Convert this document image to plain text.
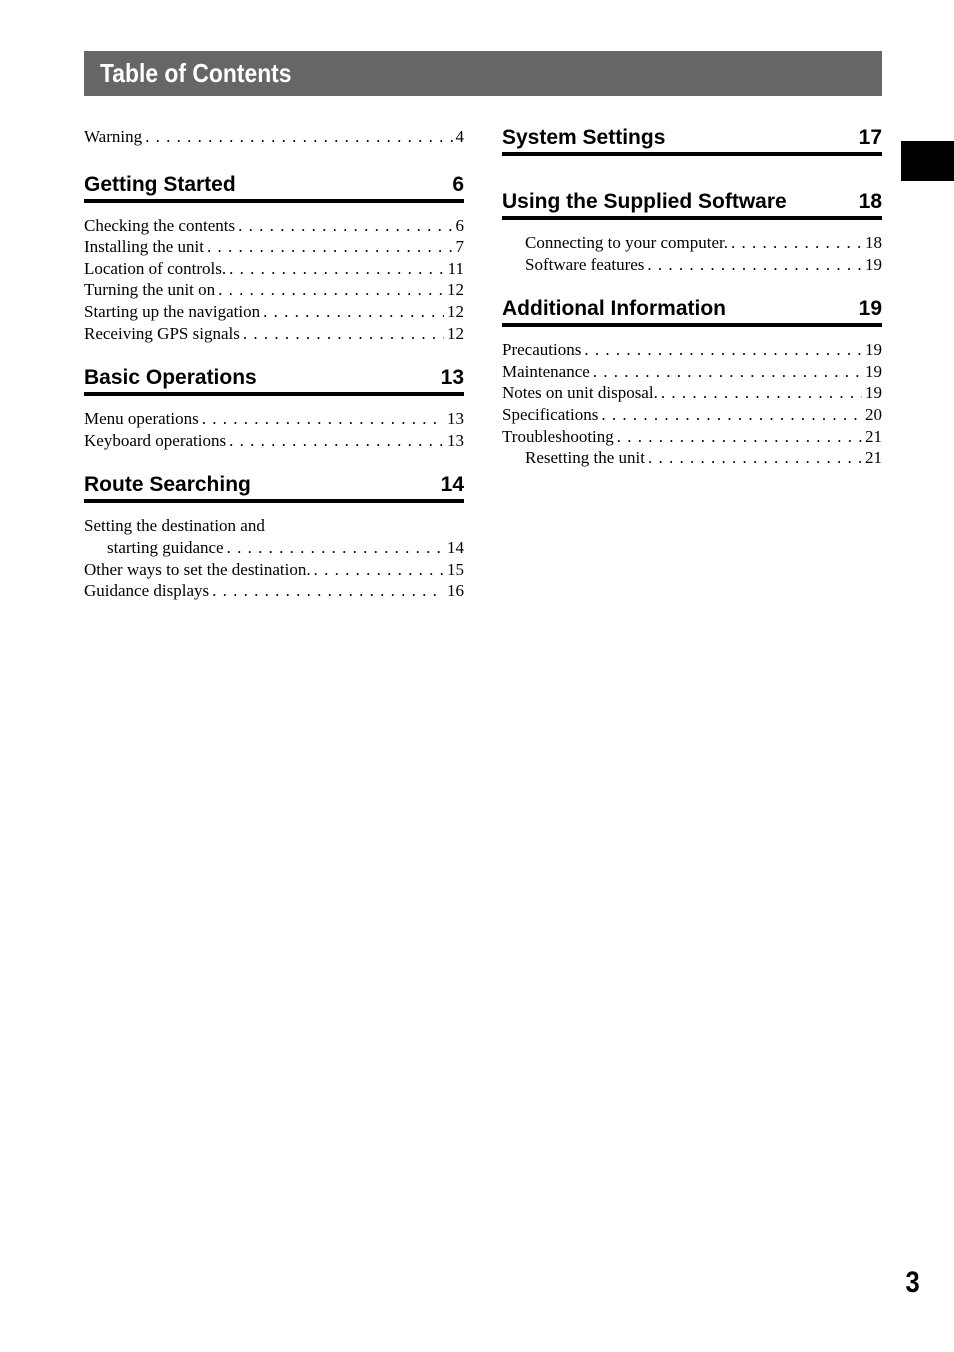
Table of Contents
Warning . . .	4
Getting Started	6
Checking the contents . . .	6
Installing the unit . . .	7
Location of controls. . . .	11
Turning the unit on . . .	12
Starting up the navigation . . .	12
Receiving GPS signals . . .	12
Basic Operations	13
Menu operations . . .	13
Keyboard operations . . .	13
Route Searching	14
Setting the destination and
starting guidance . . .	14
Other ways to set the destination. . . .	15
Guidance displays . . .	16
System Settings	17
Using the Supplied Software	18
Connecting to your computer. . . .	18
Software features . . .	19
Additional Information	19
Precautions . . .	19
Maintenance . . .	19
Notes on unit disposal. . . .	19
Specifications . . .	20
Troubleshooting . . .	21
Resetting the unit . . .	21
3
